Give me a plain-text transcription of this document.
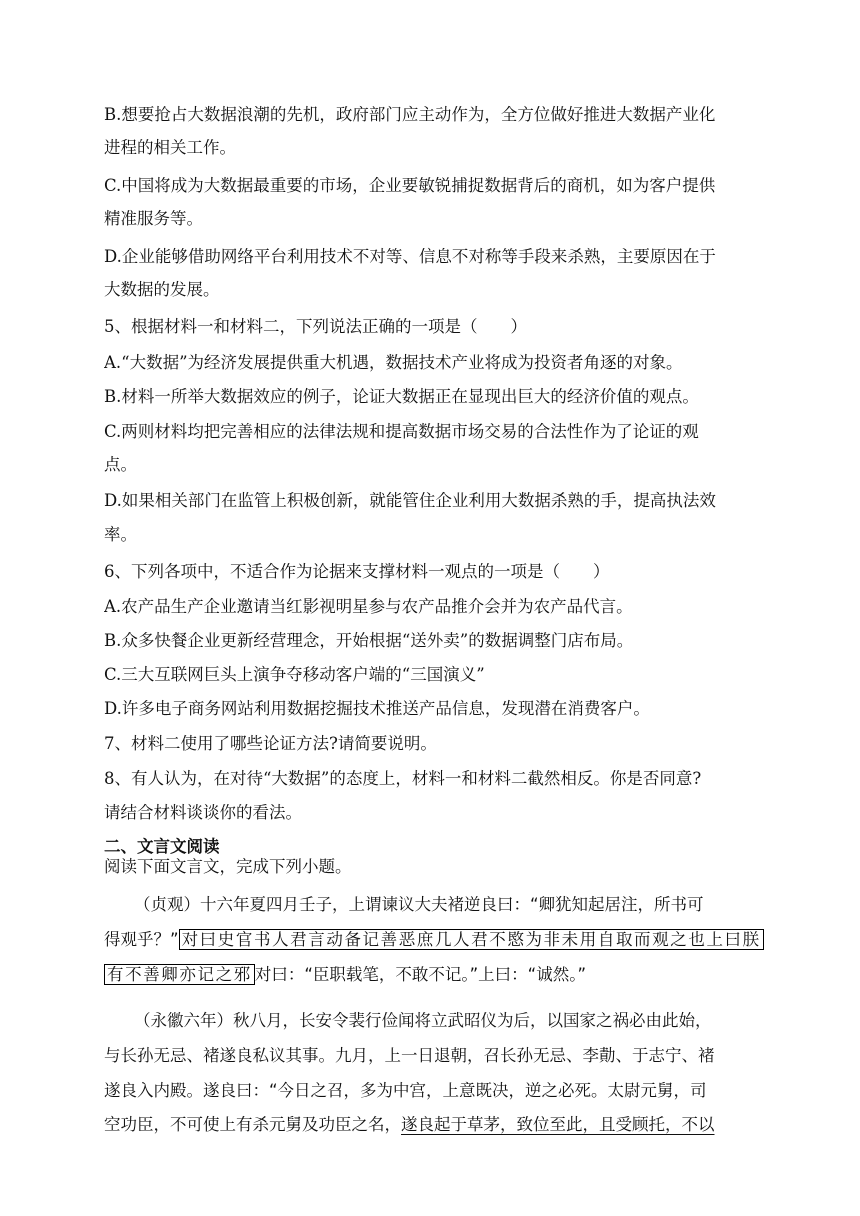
B.想要抢占大数据浪潮的先机，政府部门应主动作为，全方位做好推进大数据产业化
进程的相关工作。
C.中国将成为大数据最重要的市场，企业要敏锐捕捉数据背后的商机，如为客户提供
精准服务等。
D.企业能够借助网络平台利用技术不对等、信息不对称等手段来杀熟，主要原因在于
大数据的发展。
5、根据材料一和材料二，下列说法正确的一项是（　　）
A.“大数据”为经济发展提供重大机遇，数据技术产业将成为投资者角逐的对象。
B.材料一所举大数据效应的例子，论证大数据正在显现出巨大的经济价值的观点。
C.两则材料均把完善相应的法律法规和提高数据市场交易的合法性作为了论证的观
点。
D.如果相关部门在监管上积极创新，就能管住企业利用大数据杀熟的手，提高执法效
率。
6、下列各项中，不适合作为论据来支撑材料一观点的一项是（　　）
A.农产品生产企业邀请当红影视明星参与农产品推介会并为农产品代言。
B.众多快餐企业更新经营理念，开始根据“送外卖”的数据调整门店布局。
C.三大互联网巨头上演争夺移动客户端的“三国演义”
D.许多电子商务网站利用数据挖掘技术推送产品信息，发现潜在消费客户。
7、材料二使用了哪些论证方法?请简要说明。
8、有人认为，在对待“大数据”的态度上，材料一和材料二截然相反。你是否同意?
请结合材料谈谈你的看法。
二、文言文阅读
阅读下面文言文，完成下列小题。
（贞观）十六年夏四月壬子，上谓谏议大夫褚逆良曰：“卿犹知起居注，所书可
得观乎？” 对曰史官书人君言动备记善恶庶几人君不愍为非未用自取而观之也上曰朕
有不善卿亦记之邪 对曰：“臣职载笔，不敢不记。”上曰：“诚然。”
（永徽六年）秋八月，长安令裴行俭闻将立武昭仪为后，以国家之祸必由此始，
与长孙无忌、褚遂良私议其事。九月，上一日退朝，召长孙无忌、李勣、于志宁、褚
遂良入内殿。遂良曰：“今日之召，多为中宫，上意既决，逆之必死。太尉元舅，司
空功臣，不可使上有杀元舅及功臣之名，遂良起于草茅，致位至此，且受顾托，不以
